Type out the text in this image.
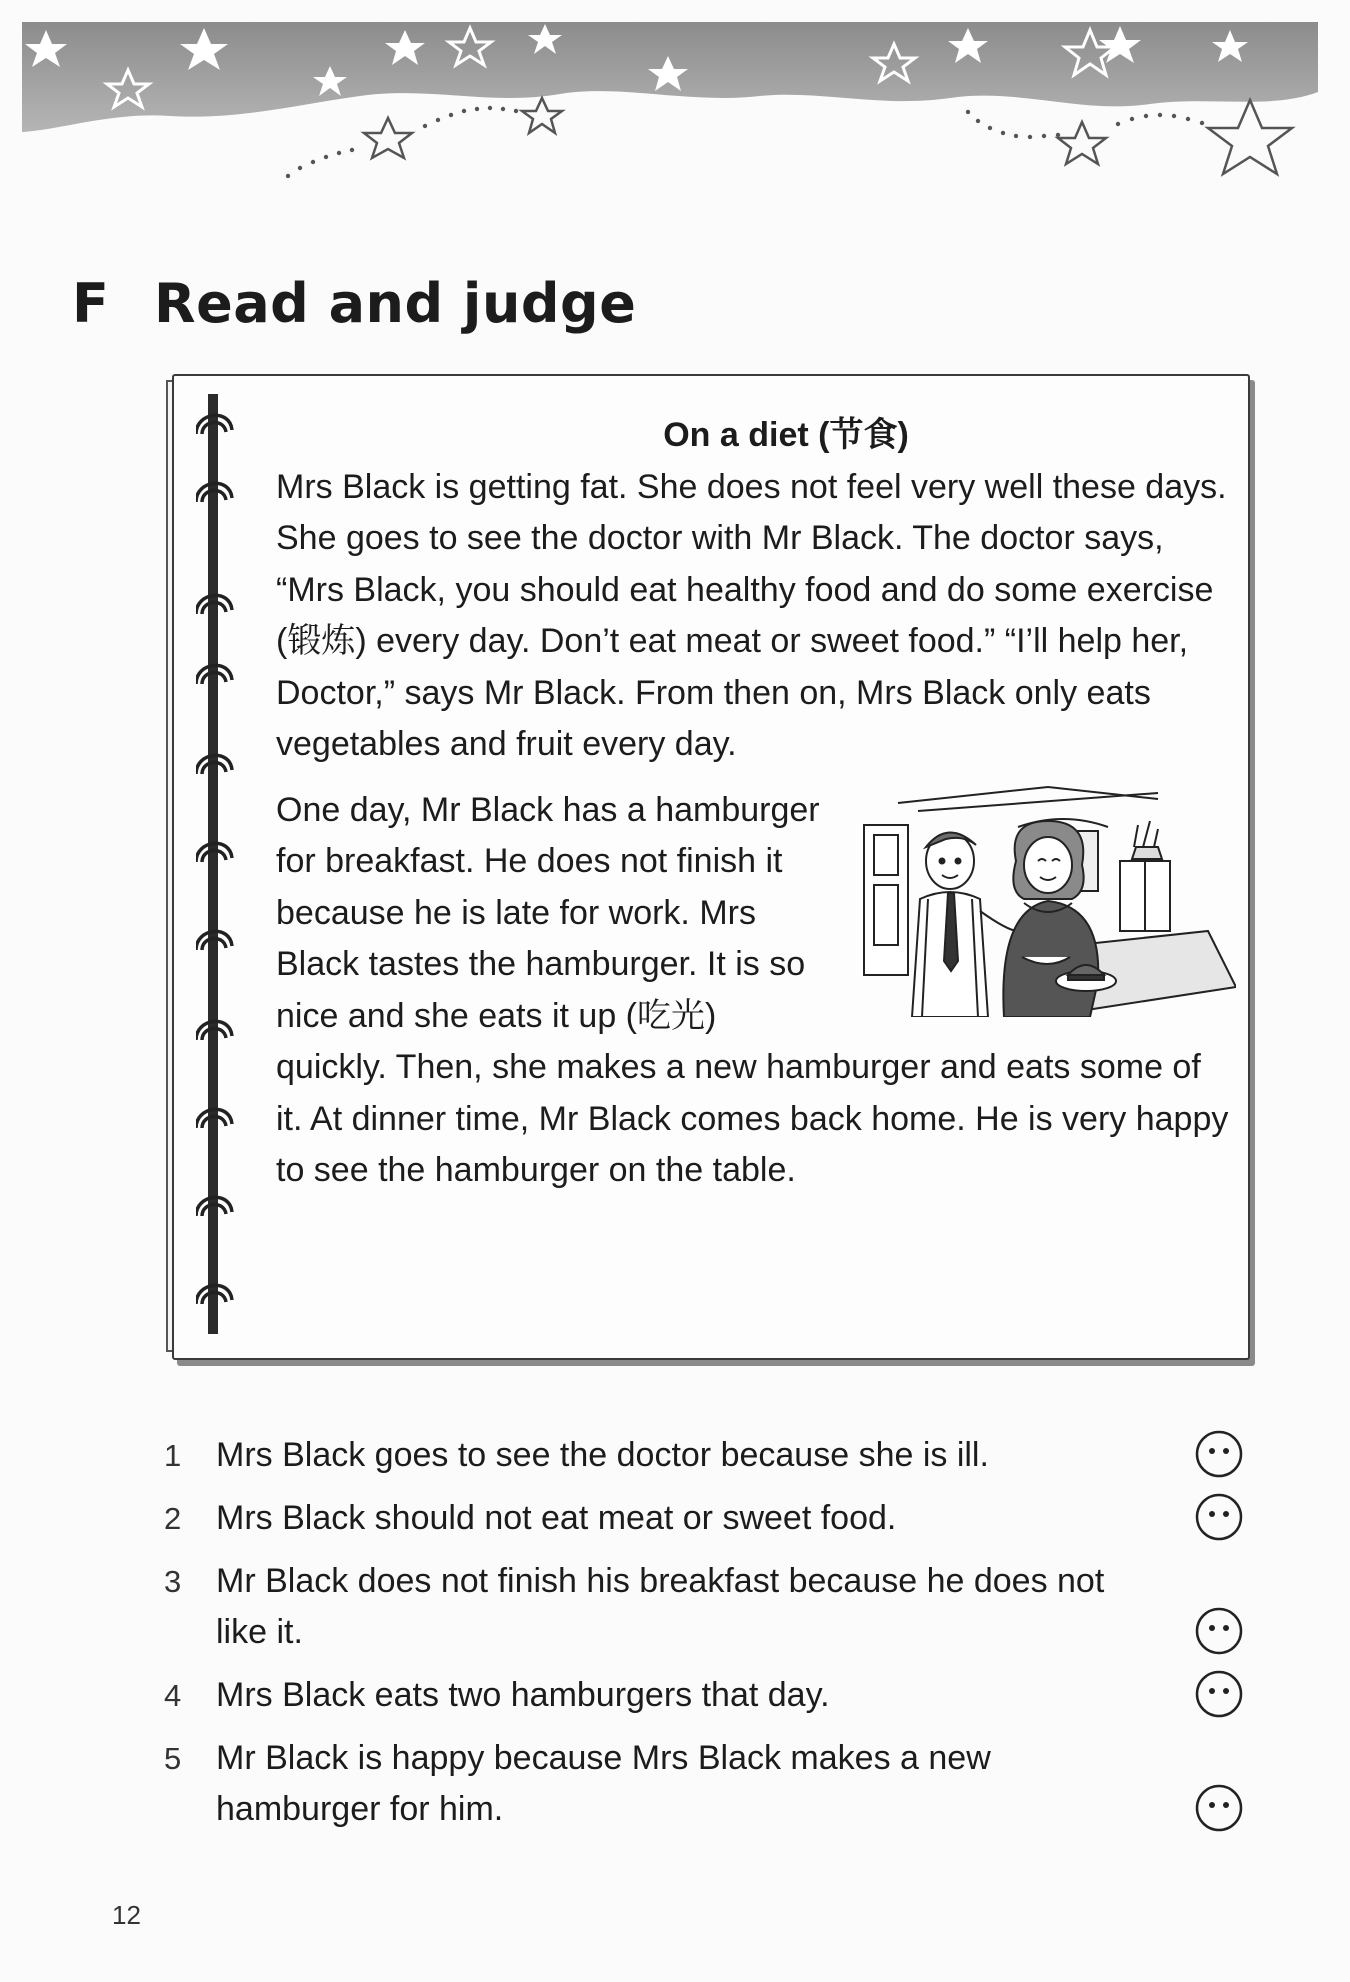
F Read and judge
On a diet (节食)

Mrs Black is getting fat. She does not feel very well these days. She goes to see the doctor with Mr Black. The doctor says, “Mrs Black, you should eat healthy food and do some exercise (锻炼) every day. Don’t eat meat or sweet food.” “I’ll help her, Doctor,” says Mr Black. From then on, Mrs Black only eats vegetables and fruit every day.

One day, Mr Black has a hamburger for breakfast. He does not finish it because he is late for work. Mrs Black tastes the hamburger. It is so nice and she eats it up (吃光) quickly. Then, she makes a new hamburger and eats some of it. At dinner time, Mr Black comes back home. He is very happy to see the hamburger on the table.

1	Mrs Black goes to see the doctor because she is ill.
2	Mrs Black should not eat meat or sweet food.
3	Mr Black does not finish his breakfast because he does not like it.
4	Mrs Black eats two hamburgers that day.
5	Mr Black is happy because Mrs Black makes a new hamburger for him.
12
